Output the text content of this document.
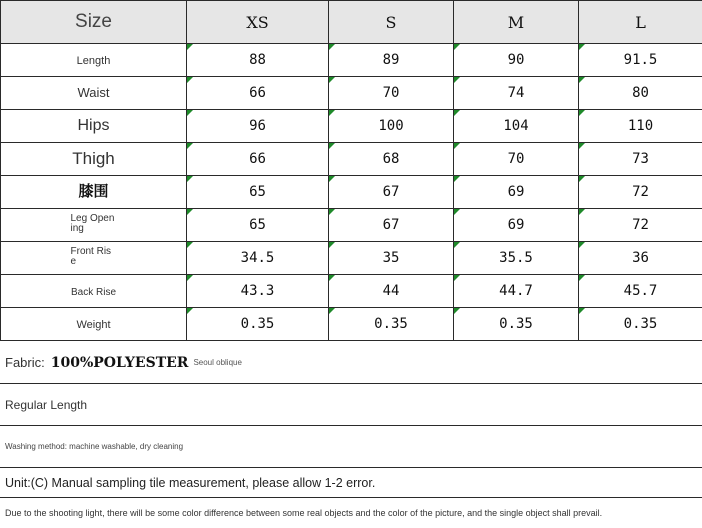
Size	XS	S	M	L
Length	88	89	90	91.5
Waist	66	70	74	80
Hips	96	100	104	110
Thigh	66	68	70	73
膝围	65	67	69	72
Leg Opening	65	67	69	72
Front Rise	34.5	35	35.5	36
Back Rise	43.3	44	44.7	45.7
Weight	0.35	0.35	0.35	0.35
Fabric: 100%POLYESTER Seoul oblique
Regular Length
Washing method: machine washable, dry cleaning
Unit:(C) Manual sampling tile measurement, please allow 1-2 error.
Due to the shooting light, there will be some color difference between some real objects and the color of the picture, and the single object shall prevail.
